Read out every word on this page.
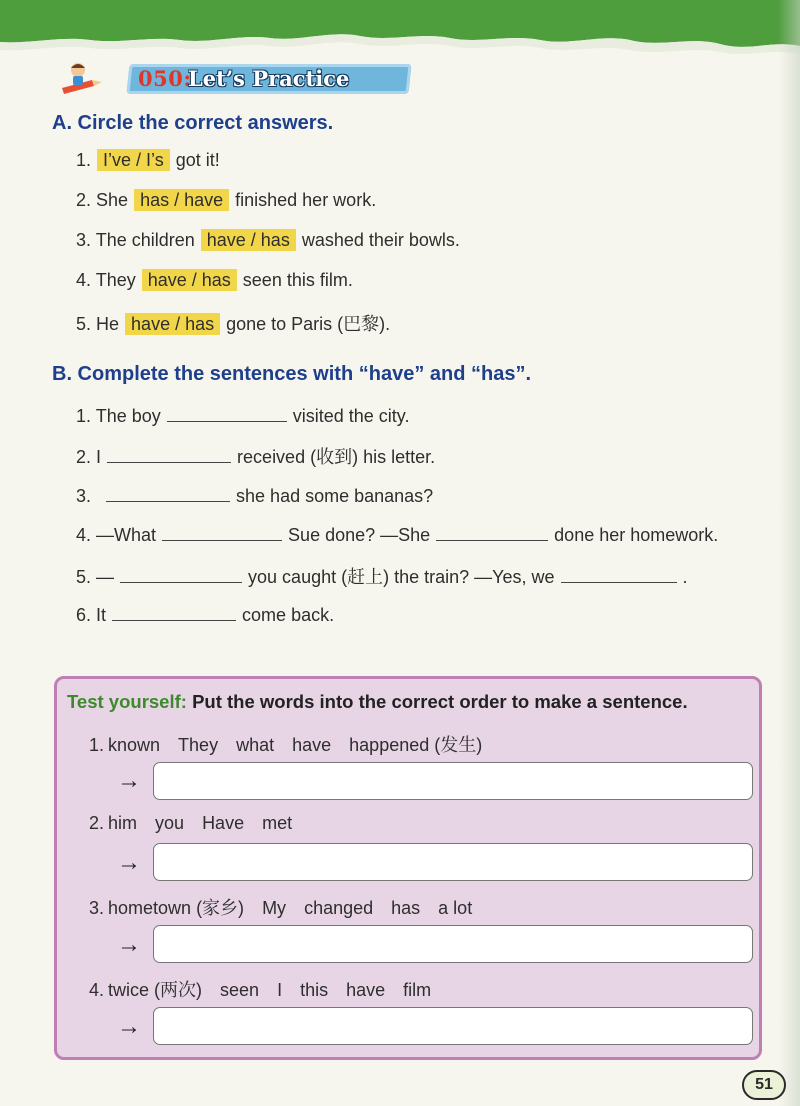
050:
Let’s Practice
A. Circle the correct answers.
1. I’ve / I’s got it!
2. She has / have finished her work.
3. The children have / has washed their bowls.
4. They have / has seen this film.
5. He have / has gone to Paris (巴黎).
B. Complete the sentences with “have” and “has”.
1. The boy	visited the city.
2. I	received (收到) his letter.
3.	she had some bananas?
4. —What	Sue done? —She	done her homework.
5. —	you caught (赶上) the train? —Yes, we	.
6. It	come back.
Test yourself: Put the words into the correct order to make a sentence.
1. known They what have happened (发生)
→
2. him you Have met
→
3. hometown (家乡) My changed has a lot
→
4. twice (两次) seen I this have film
→
51
